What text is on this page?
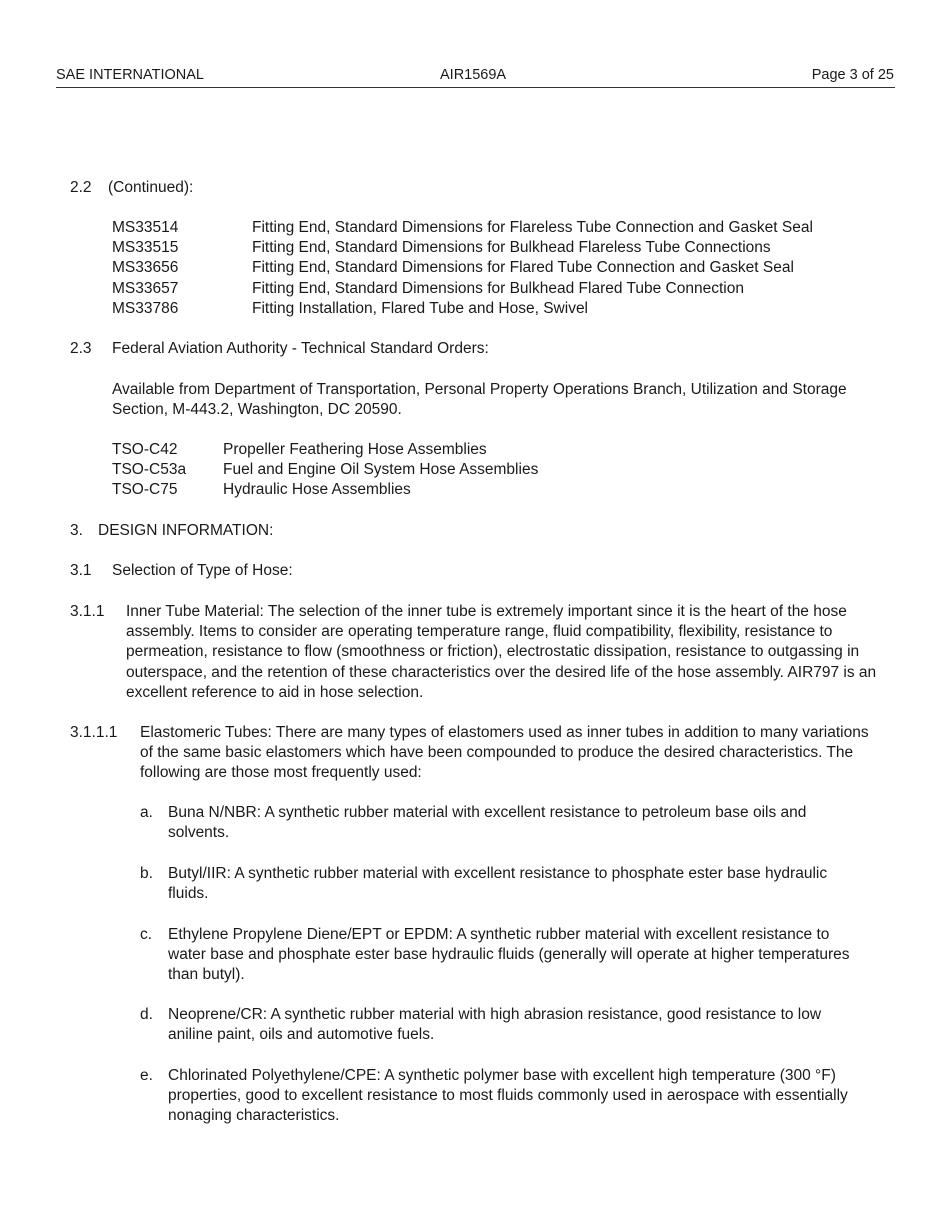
SAE INTERNATIONAL	AIR1569A	Page 3 of 25
2.2 (Continued):
MS33514	Fitting End, Standard Dimensions for Flareless Tube Connection and Gasket Seal
MS33515	Fitting End, Standard Dimensions for Bulkhead Flareless Tube Connections
MS33656	Fitting End, Standard Dimensions for Flared Tube Connection and Gasket Seal
MS33657	Fitting End, Standard Dimensions for Bulkhead Flared Tube Connection
MS33786	Fitting Installation, Flared Tube and Hose, Swivel
2.3 Federal Aviation Authority - Technical Standard Orders:
Available from Department of Transportation, Personal Property Operations Branch, Utilization and Storage Section, M-443.2, Washington, DC 20590.
TSO-C42	Propeller Feathering Hose Assemblies
TSO-C53a Fuel and Engine Oil System Hose Assemblies
TSO-C75	Hydraulic Hose Assemblies
3. DESIGN INFORMATION:
3.1 Selection of Type of Hose:
3.1.1 Inner Tube Material: The selection of the inner tube is extremely important since it is the heart of the hose assembly. Items to consider are operating temperature range, fluid compatibility, flexibility, resistance to permeation, resistance to flow (smoothness or friction), electrostatic dissipation, resistance to outgassing in outerspace, and the retention of these characteristics over the desired life of the hose assembly. AIR797 is an excellent reference to aid in hose selection.
3.1.1.1 Elastomeric Tubes: There are many types of elastomers used as inner tubes in addition to many variations of the same basic elastomers which have been compounded to produce the desired characteristics. The following are those most frequently used:
a. Buna N/NBR: A synthetic rubber material with excellent resistance to petroleum base oils and solvents.
b. Butyl/IIR: A synthetic rubber material with excellent resistance to phosphate ester base hydraulic fluids.
c. Ethylene Propylene Diene/EPT or EPDM: A synthetic rubber material with excellent resistance to water base and phosphate ester base hydraulic fluids (generally will operate at higher temperatures than butyl).
d. Neoprene/CR: A synthetic rubber material with high abrasion resistance, good resistance to low aniline paint, oils and automotive fuels.
e. Chlorinated Polyethylene/CPE: A synthetic polymer base with excellent high temperature (300 °F) properties, good to excellent resistance to most fluids commonly used in aerospace with essentially nonaging characteristics.
